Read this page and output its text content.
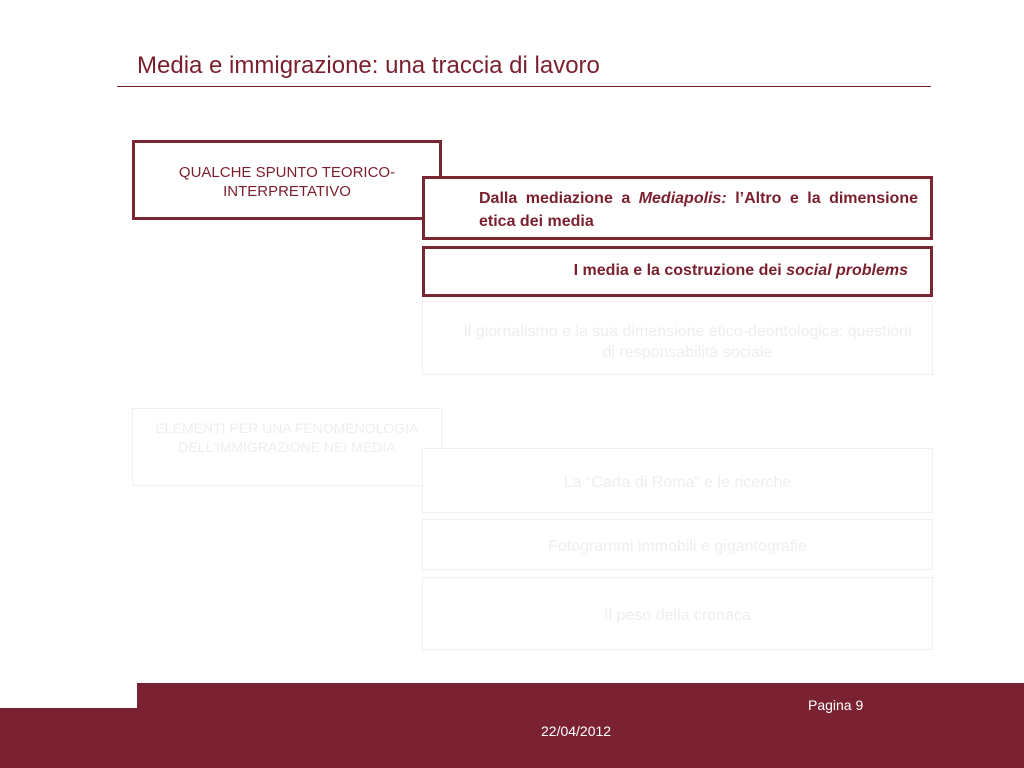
Media e immigrazione: una traccia di lavoro
QUALCHE SPUNTO TEORICO-INTERPRETATIVO	Dalla mediazione a Mediapolis: l’Altro e la dimensione etica dei media
I media e la costruzione dei social problems
Il giornalismo e la sua dimensione etico-deontologica: questioni di responsabilità sociale
ELEMENTI PER UNA FENOMENOLOGIA DELL’IMMIGRAZIONE NEI MEDIA
La “Carta di Roma” e le ricerche
Fotogrammi immobili e gigantografie
Il peso della cronaca
Pagina 9
22/04/2012
